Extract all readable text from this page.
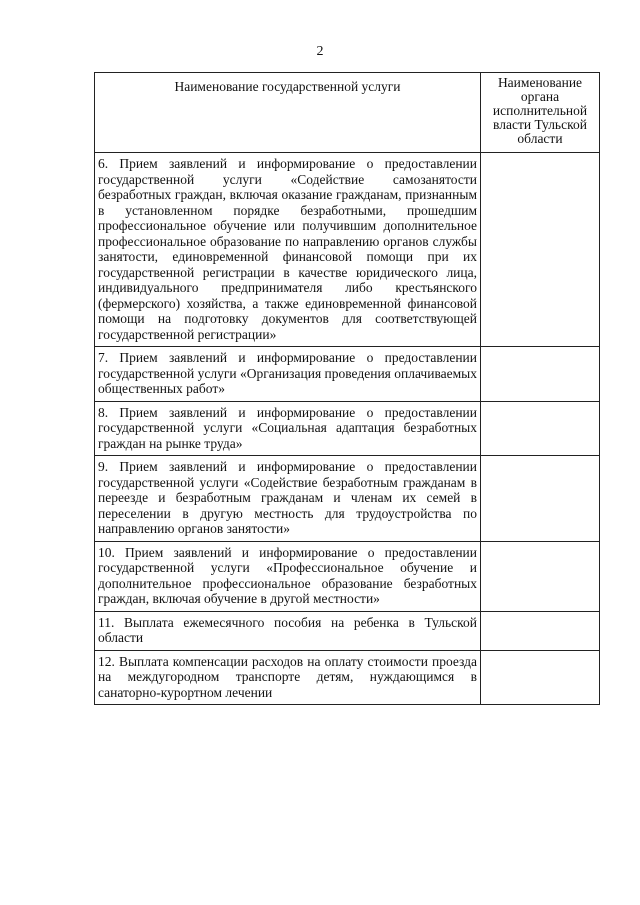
2
Наименование государственной услуги	Наименование органа исполнительной власти Тульской области
6. Прием заявлений и информирование о предоставлении государственной услуги «Содействие самозанятости безработных граждан, включая оказание гражданам, признанным в установленном порядке безработными, прошедшим профессиональное обучение или получившим дополнительное профессиональное образование по направлению органов службы занятости, единовременной финансовой помощи при их государственной регистрации в качестве юридического лица, индивидуального предпринимателя либо крестьянского (фермерского) хозяйства, а также единовременной финансовой помощи на подготовку документов для соответствующей государственной регистрации»	
7. Прием заявлений и информирование о предоставлении государственной услуги «Организация проведения оплачиваемых общественных работ»	
8. Прием заявлений и информирование о предоставлении государственной услуги «Социальная адаптация безработных граждан на рынке труда»	
9. Прием заявлений и информирование о предоставлении государственной услуги «Содействие безработным гражданам в переезде и безработным гражданам и членам их семей в переселении в другую местность для трудоустройства по направлению органов занятости»	
10. Прием заявлений и информирование о предоставлении государственной услуги «Профессиональное обучение и дополнительное профессиональное образование безработных граждан, включая обучение в другой местности»	
11. Выплата ежемесячного пособия на ребенка в Тульской области	
12. Выплата компенсации расходов на оплату стоимости проезда на междугородном транспорте детям, нуждающимся в санаторно-курортном лечении	
